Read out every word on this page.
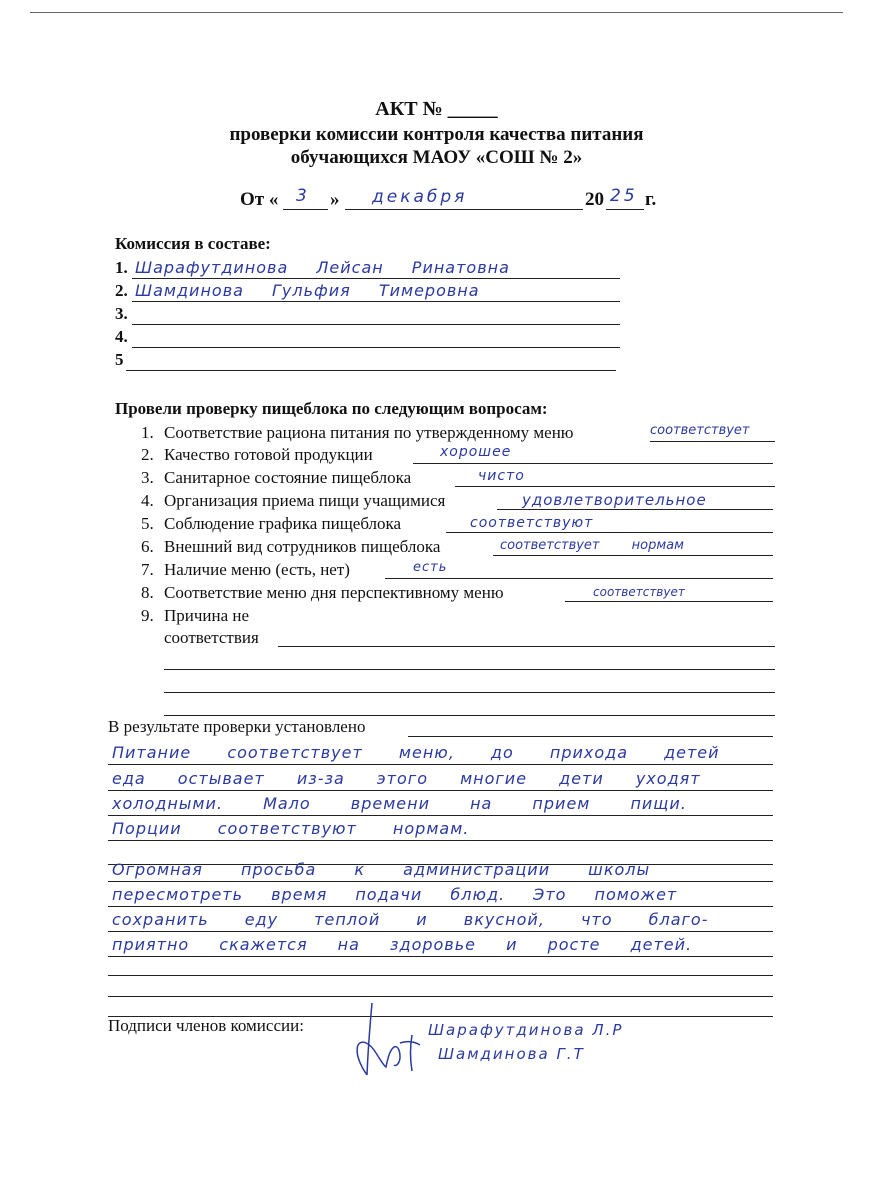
АКТ № _____
проверки комиссии контроля качества питания
обучающихся МАОУ «СОШ № 2»
От « 3 » декабря	20 25 г.
Комиссия в составе:
1. Шарафутдинова Лейсан Ринатовна
2. Шамдинова Гульфия Тимеровна
3.
4.
5
Провели проверку пищеблока по следующим вопросам:
1. Соответствие рациона питания по утвержденному меню	соответствует
2. Качество готовой продукции	хорошее
3. Санитарное состояние пищеблока	чисто
4. Организация приема пищи учащимися	удовлетворительное
5. Соблюдение графика пищеблока	соответствуют
6. Внешний вид сотрудников пищеблока	соответствует нормам
7. Наличие меню (есть, нет)	есть
8. Соответствие меню дня перспективному меню	соответствует
9. Причина не
соответствия
В результате проверки установлено
Питание соответствует меню, до прихода детей
еда остывает из-за этого многие дети уходят
холодными. Мало времени на прием пищи.
Порции соответствуют нормам.
Огромная просьба к администрации школы
пересмотреть время подачи блюд. Это поможет
сохранить еду теплой и вкусной, что благо-
приятно скажется на здоровье и росте детей.
Подписи членов комиссии:	Шарафутдинова Л.Р
Шамдинова Г.Т
